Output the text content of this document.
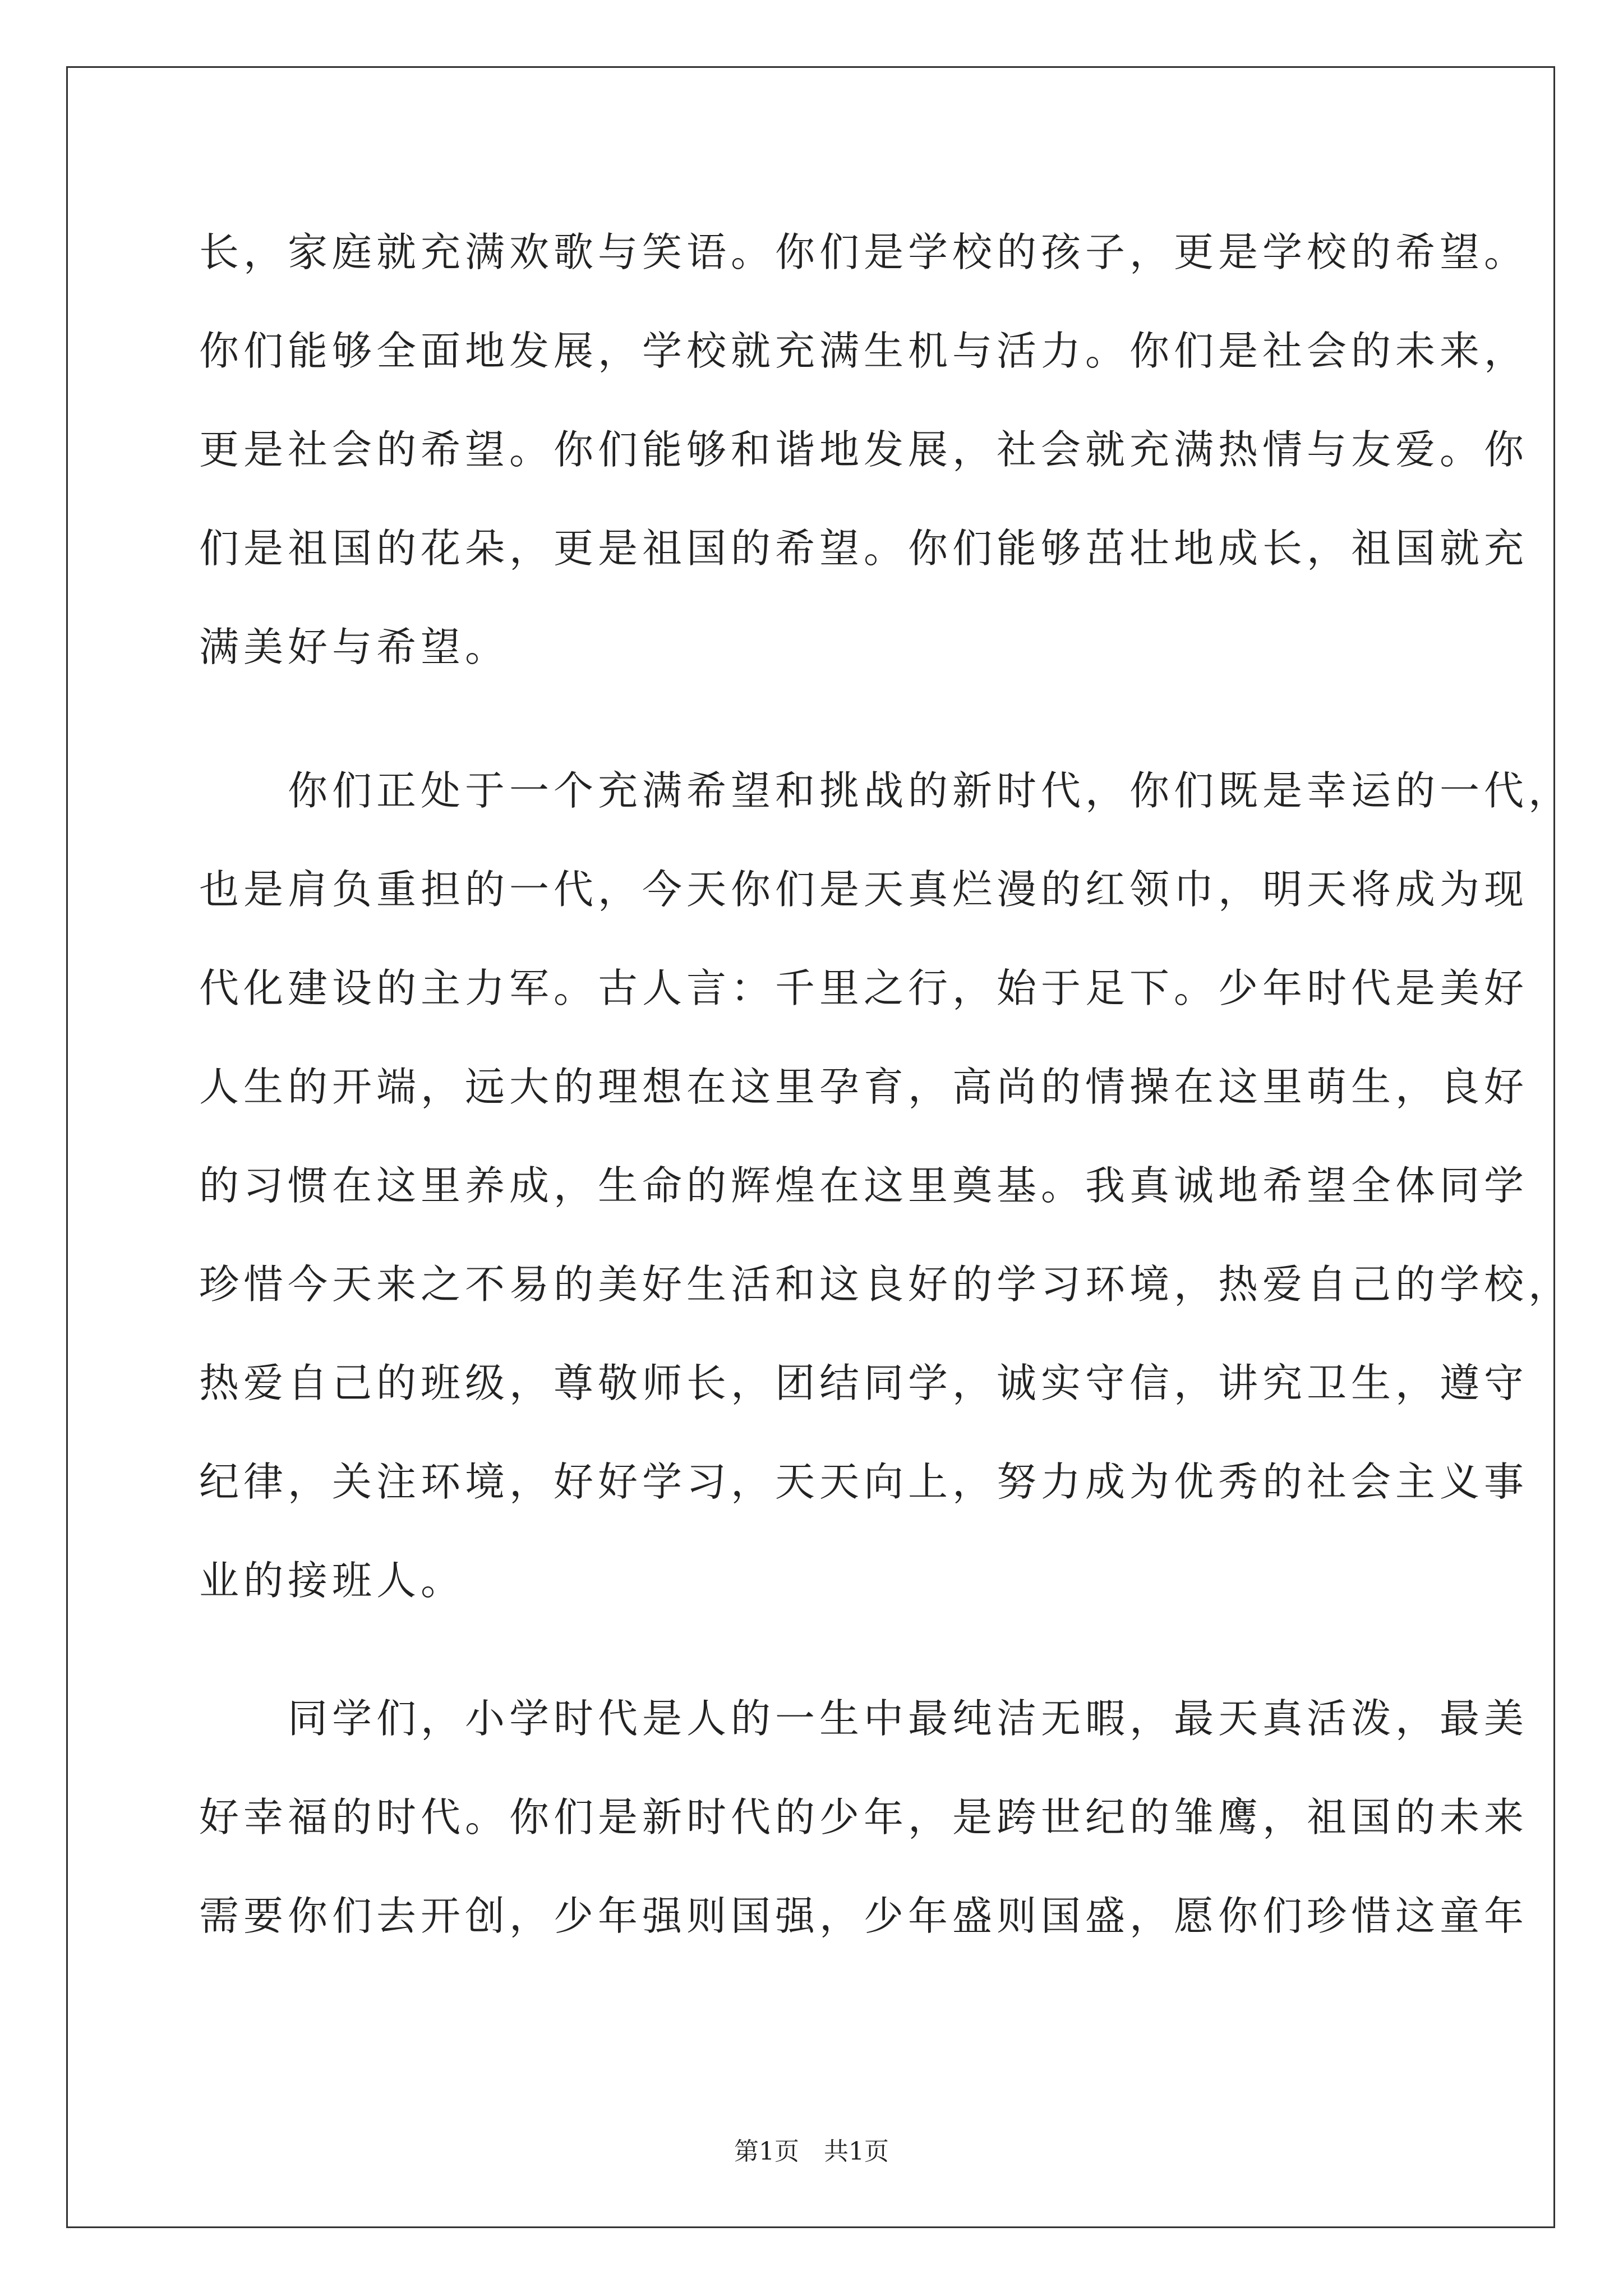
长，家庭就充满欢歌与笑语。你们是学校的孩子，更是学校的希望。
你们能够全面地发展，学校就充满生机与活力。你们是社会的未来，
更是社会的希望。你们能够和谐地发展，社会就充满热情与友爱。你
们是祖国的花朵，更是祖国的希望。你们能够茁壮地成长，祖国就充
满美好与希望。
　　你们正处于一个充满希望和挑战的新时代，你们既是幸运的一代，
也是肩负重担的一代，今天你们是天真烂漫的红领巾，明天将成为现
代化建设的主力军。古人言：千里之行，始于足下。少年时代是美好
人生的开端，远大的理想在这里孕育，高尚的情操在这里萌生，良好
的习惯在这里养成，生命的辉煌在这里奠基。我真诚地希望全体同学
珍惜今天来之不易的美好生活和这良好的学习环境，热爱自己的学校，
热爱自己的班级，尊敬师长，团结同学，诚实守信，讲究卫生，遵守
纪律，关注环境，好好学习，天天向上，努力成为优秀的社会主义事
业的接班人。
　　同学们，小学时代是人的一生中最纯洁无暇，最天真活泼，最美
好幸福的时代。你们是新时代的少年，是跨世纪的雏鹰，祖国的未来
需要你们去开创，少年强则国强，少年盛则国盛，愿你们珍惜这童年
第1页　共1页
